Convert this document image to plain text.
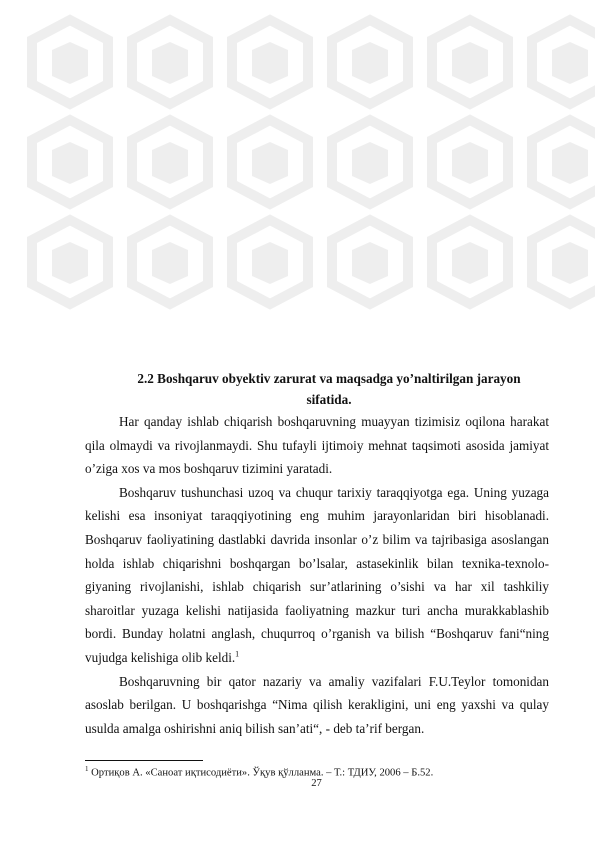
2.2 Boshqaruv obyektiv zarurat va maqsadga yo’naltirilgan jarayon
sifatida.

Har qanday ishlab chiqarish boshqaruvning muayyan tizimisiz oqilona harakat qila olmaydi va rivojlanmaydi. Shu tufayli ijtimoiy mehnat taqsimoti asosida jamiyat o’ziga xos va mos boshqaruv tizimini yaratadi.

Boshqaruv tushunchasi uzoq va chuqur tarixiy taraqqiyotga ega. Uning yuzaga kelishi esa insoniyat taraqqiyotining eng muhim jarayonlaridan biri hisoblanadi. Boshqaruv faoliyatining dastlabki davrida insonlar o’z bilim va tajribasiga asoslangan holda ishlab chiqarishni boshqargan bo’lsalar, astasekinlik bilan texnika-texnolo-giyaning rivojlanishi, ishlab chiqarish sur’atlarining o’sishi va har xil tashkiliy sharoitlar yuzaga kelishi natijasida faoliyatning mazkur turi ancha murakkablashib bordi. Bunday holatni anglash, chuqurroq o’rganish va bilish “Boshqaruv fani“ning vujudga kelishiga olib keldi.$^1$

Boshqaruvning bir qator nazariy va amaliy vazifalari F.U.Teylor tomonidan asoslab berilgan. U boshqarishga “Nima qilish kerakligini, uni eng yaxshi va qulay usulda amalga oshirishni aniq bilish san’ati“, - deb ta’rif bergan.

$^1$ Ортиқов А. «Саноат иқтисодиёти». Ўқув қўлланма. – Т.: ТДИУ, 2006 – Б.52.

27
